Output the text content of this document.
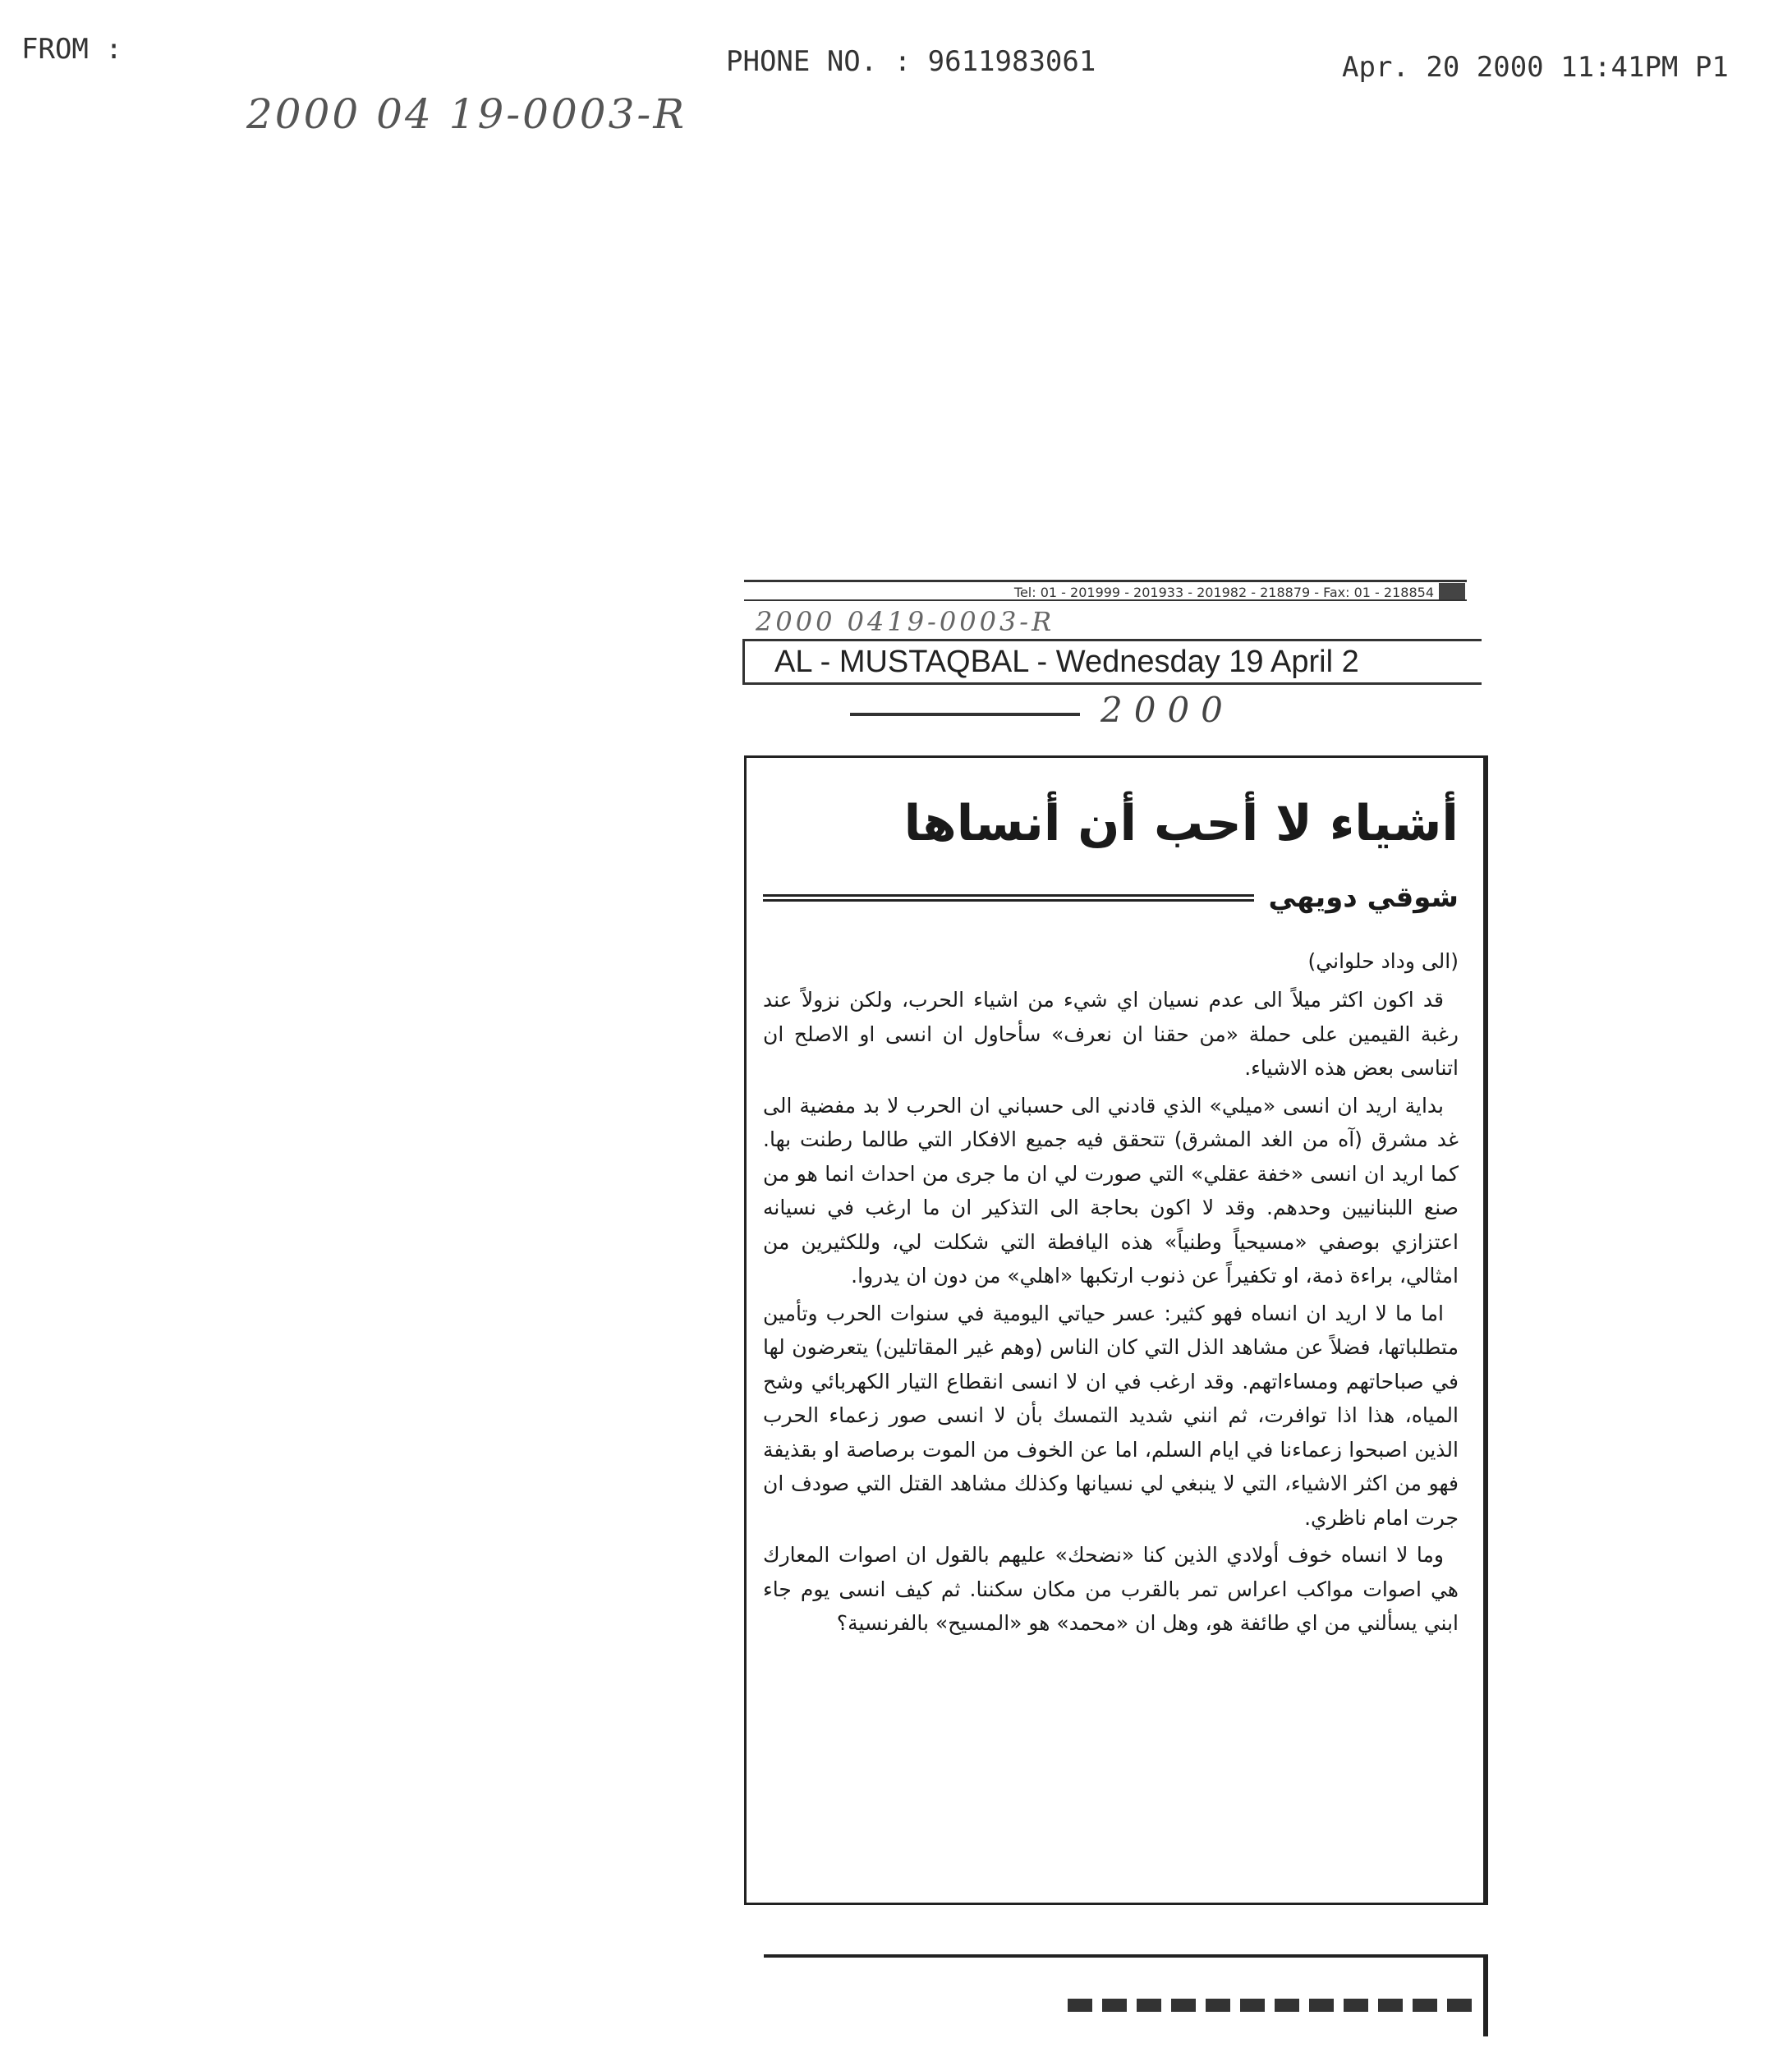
FROM :	PHONE NO. : 9611983061	Apr. 20 2000 11:41PM P1
2000 04 19-0003-R
Tel: 01 - 201999 - 201933 - 201982 - 218879 - Fax: 01 - 218854
2000 0419-0003-R
AL - MUSTAQBAL - Wednesday 19 April 2
2000
أشياء لا أحب أن أنساها
شوقي دويهي
(الى وداد حلواني)

قد اكون اكثر ميلاً الى عدم نسيان اي شيء من اشياء الحرب، ولكن نزولاً عند رغبة القيمين على حملة «من حقنا ان نعرف» سأحاول ان انسى او الاصلح ان اتناسى بعض هذه الاشياء.

بداية اريد ان انسى «ميلي» الذي قادني الى حسباني ان الحرب لا بد مفضية الى غد مشرق (آه من الغد المشرق) تتحقق فيه جميع الافكار التي طالما رطنت بها. كما اريد ان انسى «خفة عقلي» التي صورت لي ان ما جرى من احداث انما هو من صنع اللبنانيين وحدهم. وقد لا اكون بحاجة الى التذكير ان ما ارغب في نسيانه اعتزازي بوصفي «مسيحياً وطنياً» هذه اليافطة التي شكلت لي، وللكثيرين من امثالي، براءة ذمة، او تكفيراً عن ذنوب ارتكبها «اهلي» من دون ان يدروا.

اما ما لا اريد ان انساه فهو كثير: عسر حياتي اليومية في سنوات الحرب وتأمين متطلباتها، فضلاً عن مشاهد الذل التي كان الناس (وهم غير المقاتلين) يتعرضون لها في صباحاتهم ومساءاتهم. وقد ارغب في ان لا انسى انقطاع التيار الكهربائي وشح المياه، هذا اذا توافرت، ثم انني شديد التمسك بأن لا انسى صور زعماء الحرب الذين اصبحوا زعماءنا في ايام السلم، اما عن الخوف من الموت برصاصة او بقذيفة فهو من اكثر الاشياء، التي لا ينبغي لي نسيانها وكذلك مشاهد القتل التي صودف ان جرت امام ناظري.

وما لا انساه خوف أولادي الذين كنا «نضحك» عليهم بالقول ان اصوات المعارك هي اصوات مواكب اعراس تمر بالقرب من مكان سكننا. ثم كيف انسى يوم جاء ابني يسألني من اي طائفة هو، وهل ان «محمد» هو «المسيح» بالفرنسية؟
